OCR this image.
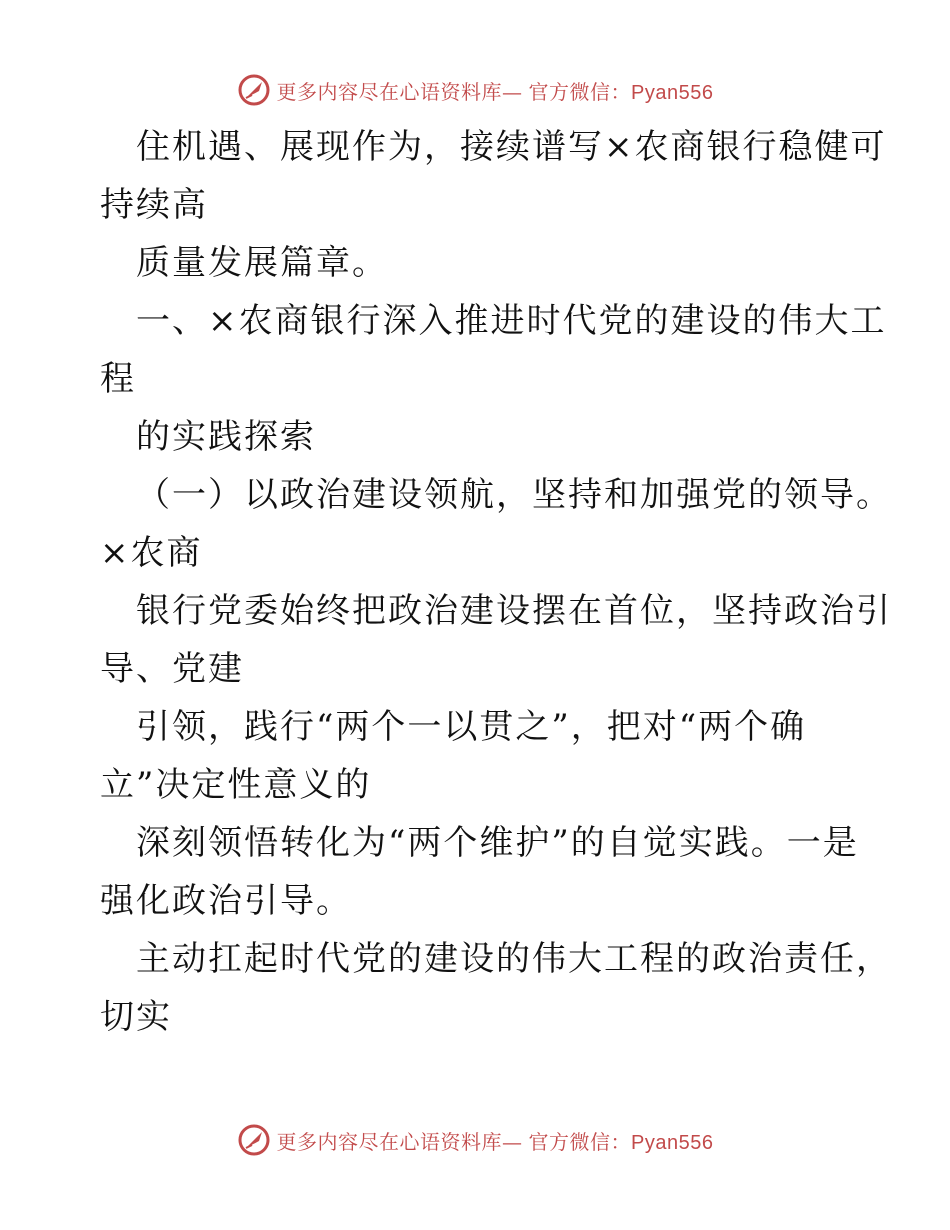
更多内容尽在心语资料库— 官方微信：Pyan556
住机遇、展现作为，接续谱写×农商银行稳健可
持续高
质量发展篇章。
一、×农商银行深入推进时代党的建设的伟大工
程
的实践探索
（一）以政治建设领航，坚持和加强党的领导。
×农商
银行党委始终把政治建设摆在首位，坚持政治引
导、党建
引领，践行“两个一以贯之”，把对“两个确
立”决定性意义的
深刻领悟转化为“两个维护”的自觉实践。一是
强化政治引导。
主动扛起时代党的建设的伟大工程的政治责任，
切实
更多内容尽在心语资料库— 官方微信：Pyan556
